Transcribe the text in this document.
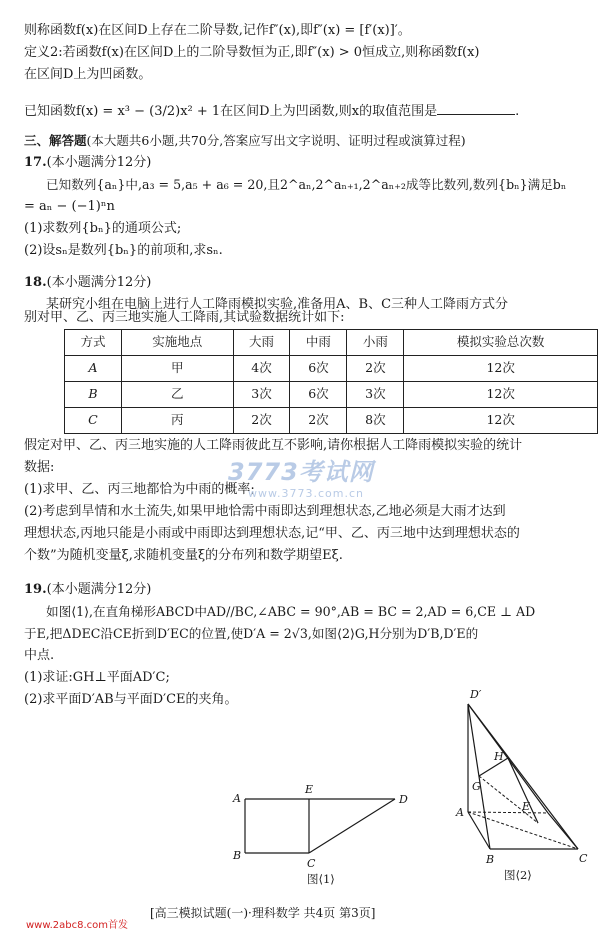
则称函数f(x)在区间D上存在二阶导数,记作f″(x),即f″(x) = [f′(x)]′。
定义2:若函数f(x)在区间D上的二阶导数恒为正,即f″(x) > 0恒成立,则称函数f(x)
在区间D上为凹函数。
已知函数f(x) = x³ − (3/2)x² + 1在区间D上为凹函数,则x的取值范围是	.
三、解答题(本大题共6小题,共70分,答案应写出文字说明、证明过程或演算过程)
17.(本小题满分12分)
已知数列{aₙ}中,a₃ = 5,a₅ + a₆ = 20,且2^aₙ,2^aₙ₊₁,2^aₙ₊₂成等比数列,数列{bₙ}满足bₙ
= aₙ − (−1)ⁿn
(1)求数列{bₙ}的通项公式;
(2)设sₙ是数列{bₙ}的前项和,求sₙ.
18.(本小题满分12分)
某研究小组在电脑上进行人工降雨模拟实验,准备用A、B、C三种人工降雨方式分
别对甲、乙、丙三地实施人工降雨,其试验数据统计如下:
方式	实施地点	大雨	中雨	小雨	模拟实验总次数
A	甲	4次	6次	2次	12次
B	乙	3次	6次	3次	12次
C	丙	2次	2次	8次	12次
假定对甲、乙、丙三地实施的人工降雨彼此互不影响,请你根据人工降雨模拟实验的统计
数据:
(1)求甲、乙、丙三地都恰为中雨的概率;
(2)考虑到旱情和水土流失,如果甲地恰需中雨即达到理想状态,乙地必须是大雨才达到
理想状态,丙地只能是小雨或中雨即达到理想状态,记“甲、乙、丙三地中达到理想状态的
个数”为随机变量ξ,求随机变量ξ的分布列和数学期望Eξ.
3773考试网
www.3773.com.cn
19.(本小题满分12分)
如图⟨1⟩,在直角梯形ABCD中AD//BC,∠ABC = 90°,AB = BC = 2,AD = 6,CE ⊥ AD
于E,把ΔDEC沿CE折到D′EC的位置,使D′A = 2√3,如图⟨2⟩G,H分别为D′B,D′E的
中点.
(1)求证:GH⊥平面AD′C;
(2)求平面D′AB与平面D′CE的夹角。
A
B
C
D
E
图⟨1⟩
D′
H
G
A	E
B	C
图⟨2⟩
[高三模拟试题(一)·理科数学 共4页 第3页]
www.2abc8.com首发
